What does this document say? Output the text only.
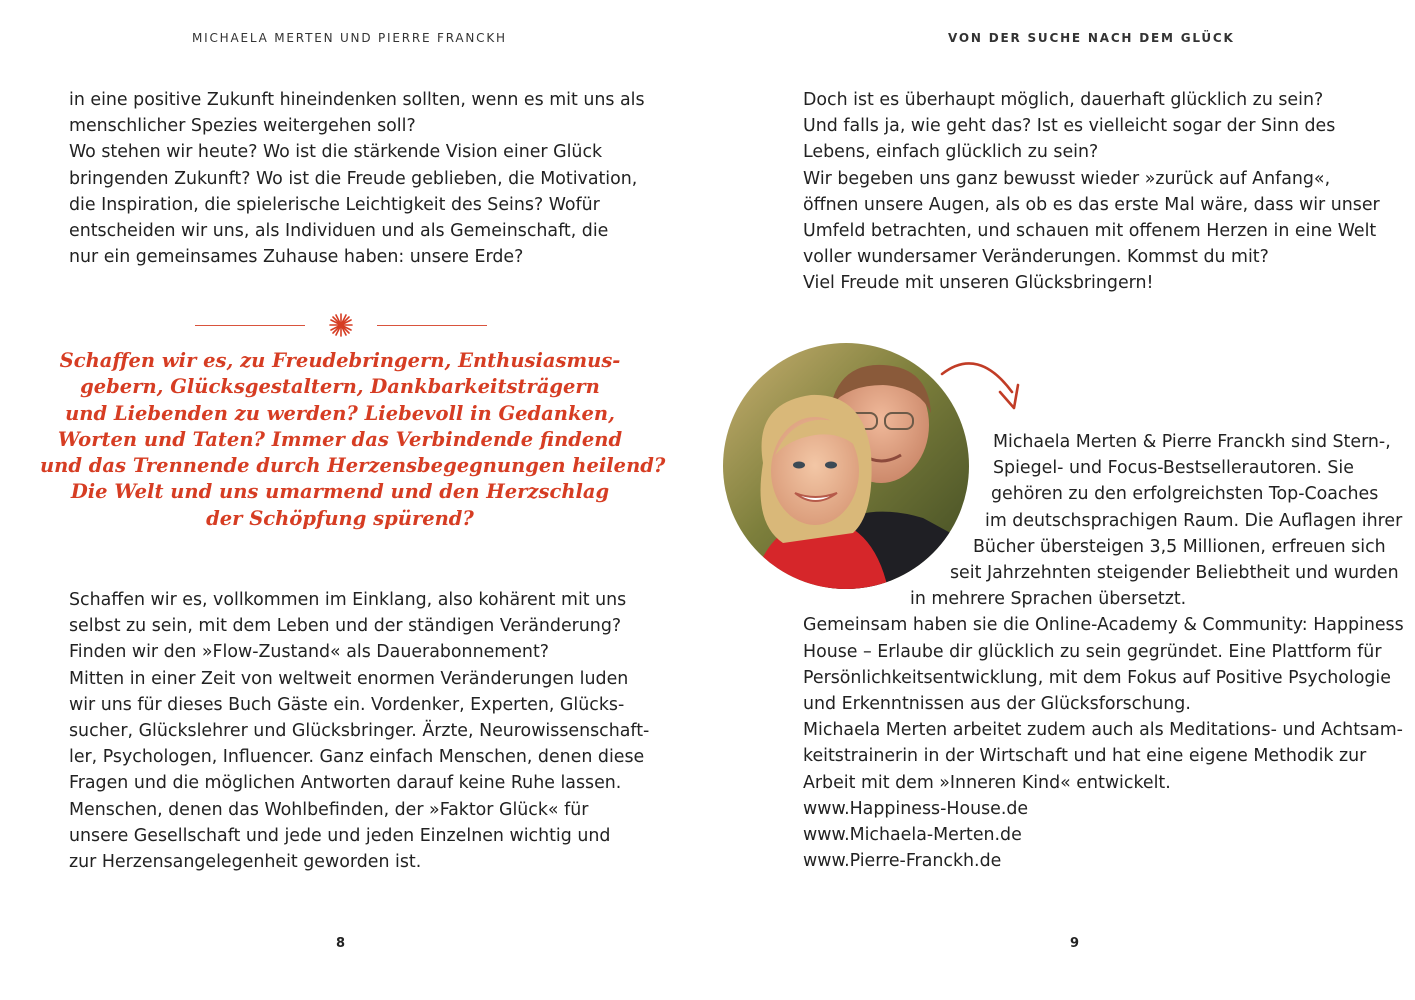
MICHAELA MERTEN UND PIERRE FRANCKH
in eine positive Zukunft hineindenken sollten, wenn es mit uns als
menschlicher Spezies weitergehen soll?
Wo stehen wir heute? Wo ist die stärkende Vision einer Glück
bringenden Zukunft? Wo ist die Freude geblieben, die Motivation,
die Inspiration, die spielerische Leichtigkeit des Seins? Wofür
entscheiden wir uns, als Individuen und als Gemeinschaft, die
nur ein gemeinsames Zuhause haben: unsere Erde?
Schaffen wir es, zu Freudebringern, Enthusiasmus-
gebern, Glücksgestaltern, Dankbarkeitsträgern
und Liebenden zu werden? Liebevoll in Gedanken,
Worten und Taten? Immer das Verbindende findend
und das Trennende durch Herzensbegegnungen heilend?
Die Welt und uns umarmend und den Herzschlag
der Schöpfung spürend?
Schaffen wir es, vollkommen im Einklang, also kohärent mit uns
selbst zu sein, mit dem Leben und der ständigen Veränderung?
Finden wir den »Flow-Zustand« als Dauerabonnement?
Mitten in einer Zeit von weltweit enormen Veränderungen luden
wir uns für dieses Buch Gäste ein. Vordenker, Experten, Glücks-
sucher, Glückslehrer und Glücksbringer. Ärzte, Neurowissenschaft-
ler, Psychologen, Influencer. Ganz einfach Menschen, denen diese
Fragen und die möglichen Antworten darauf keine Ruhe lassen.
Menschen, denen das Wohlbefinden, der »Faktor Glück« für
unsere Gesellschaft und jede und jeden Einzelnen wichtig und
zur Herzensangelegenheit geworden ist.
8
VON DER SUCHE NACH DEM GLÜCK
Doch ist es überhaupt möglich, dauerhaft glücklich zu sein?
Und falls ja, wie geht das? Ist es vielleicht sogar der Sinn des
Lebens, einfach glücklich zu sein?
Wir begeben uns ganz bewusst wieder »zurück auf Anfang«,
öffnen unsere Augen, als ob es das erste Mal wäre, dass wir unser
Umfeld betrachten, und schauen mit offenem Herzen in eine Welt
voller wundersamer Veränderungen. Kommst du mit?
Viel Freude mit unseren Glücksbringern!
Michaela Merten & Pierre Franckh sind Stern-,
Spiegel- und Focus-Bestsellerautoren. Sie
gehören zu den erfolgreichsten Top-Coaches
im deutschsprachigen Raum. Die Auflagen ihrer
Bücher übersteigen 3,5 Millionen, erfreuen sich
seit Jahrzehnten steigender Beliebtheit und wurden
in mehrere Sprachen übersetzt.
Gemeinsam haben sie die Online-Academy & Community: Happiness
House – Erlaube dir glücklich zu sein gegründet. Eine Plattform für
Persönlichkeitsentwicklung, mit dem Fokus auf Positive Psychologie
und Erkenntnissen aus der Glücksforschung.
Michaela Merten arbeitet zudem auch als Meditations- und Achtsam-
keitstrainerin in der Wirtschaft und hat eine eigene Methodik zur
Arbeit mit dem »Inneren Kind« entwickelt.
www.Happiness-House.de
www.Michaela-Merten.de
www.Pierre-Franckh.de
9
